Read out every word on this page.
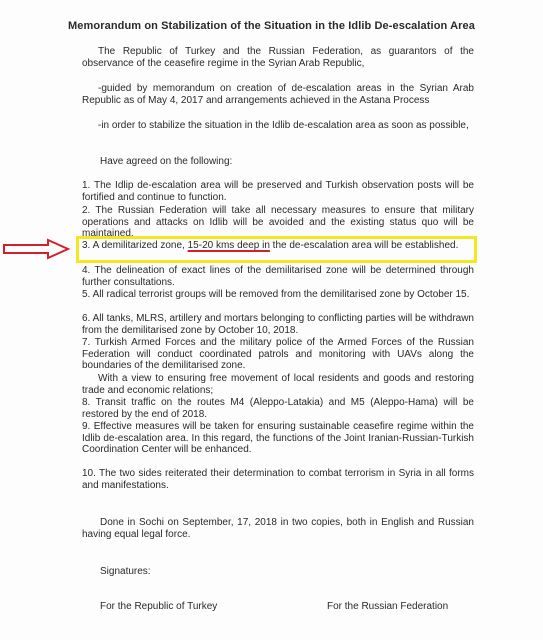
Memorandum on Stabilization of the Situation in the Idlib De-escalation Area
The Republic of Turkey and the Russian Federation, as guarantors of the observance of the ceasefire regime in the Syrian Arab Republic,
-guided by memorandum on creation of de-escalation areas in the Syrian Arab Republic as of May 4, 2017 and arrangements achieved in the Astana Process
-in order to stabilize the situation in the Idlib de-escalation area as soon as possible,
Have agreed on the following:
1. The Idlip de-escalation area will be preserved and Turkish observation posts will be fortified and continue to function.
2. The Russian Federation will take all necessary measures to ensure that military operations and attacks on Idlib will be avoided and the existing status quo will be maintained.
3. A demilitarized zone, 15-20 kms deep in the de-escalation area will be established.
4. The delineation of exact lines of the demilitarised zone will be determined through further consultations.
5. All radical terrorist groups will be removed from the demilitarised zone by October 15.
6. All tanks, MLRS, artillery and mortars belonging to conflicting parties will be withdrawn from the demilitarised zone by October 10, 2018.
7. Turkish Armed Forces and the military police of the Armed Forces of the Russian Federation will conduct coordinated patrols and monitoring with UAVs along the boundaries of the demilitarised zone.
With a view to ensuring free movement of local residents and goods and restoring trade and economic relations;
8. Transit traffic on the routes M4 (Aleppo-Latakia) and M5 (Aleppo-Hama) will be restored by the end of 2018.
9. Effective measures will be taken for ensuring sustainable ceasefire regime within the Idlib de-escalation area. In this regard, the functions of the Joint Iranian-Russian-Turkish Coordination Center will be enhanced.
10. The two sides reiterated their determination to combat terrorism in Syria in all forms and manifestations.
Done in Sochi on September, 17, 2018 in two copies, both in English and Russian having equal legal force.
Signatures:
For the Republic of Turkey	For the Russian Federation
